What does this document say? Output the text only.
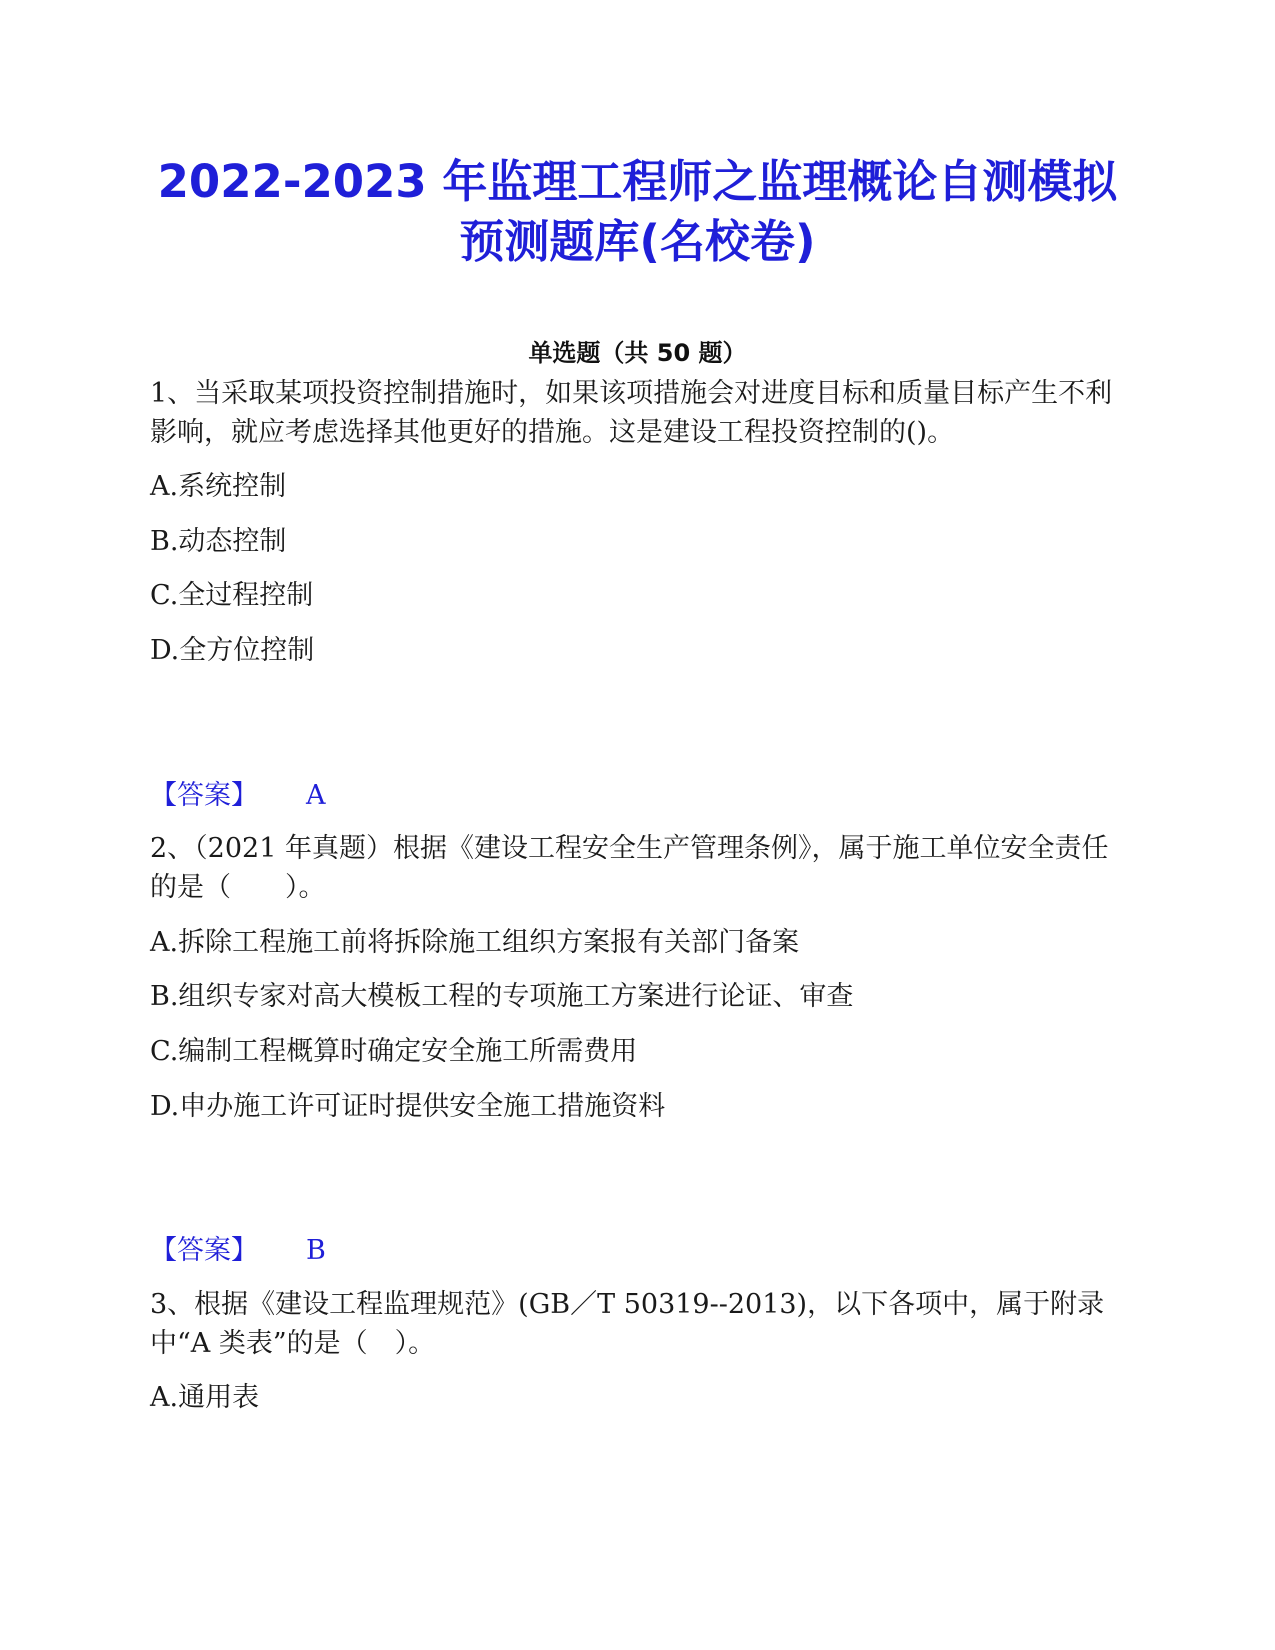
2022-2023 年监理工程师之监理概论自测模拟预测题库(名校卷)
单选题（共 50 题）

1、当采取某项投资控制措施时，如果该项措施会对进度目标和质量目标产生不利影响，就应考虑选择其他更好的措施。这是建设工程投资控制的()。

A.系统控制
B.动态控制
C.全过程控制
D.全方位控制
【答案】 A

2、（2021 年真题）根据《建设工程安全生产管理条例》，属于施工单位安全责任的是（　　）。

A.拆除工程施工前将拆除施工组织方案报有关部门备案
B.组织专家对高大模板工程的专项施工方案进行论证、审查
C.编制工程概算时确定安全施工所需费用
D.申办施工许可证时提供安全施工措施资料
【答案】 B

3、根据《建设工程监理规范》(GB／T 50319--2013)，以下各项中，属于附录中“A 类表”的是（　）。

A.通用表
